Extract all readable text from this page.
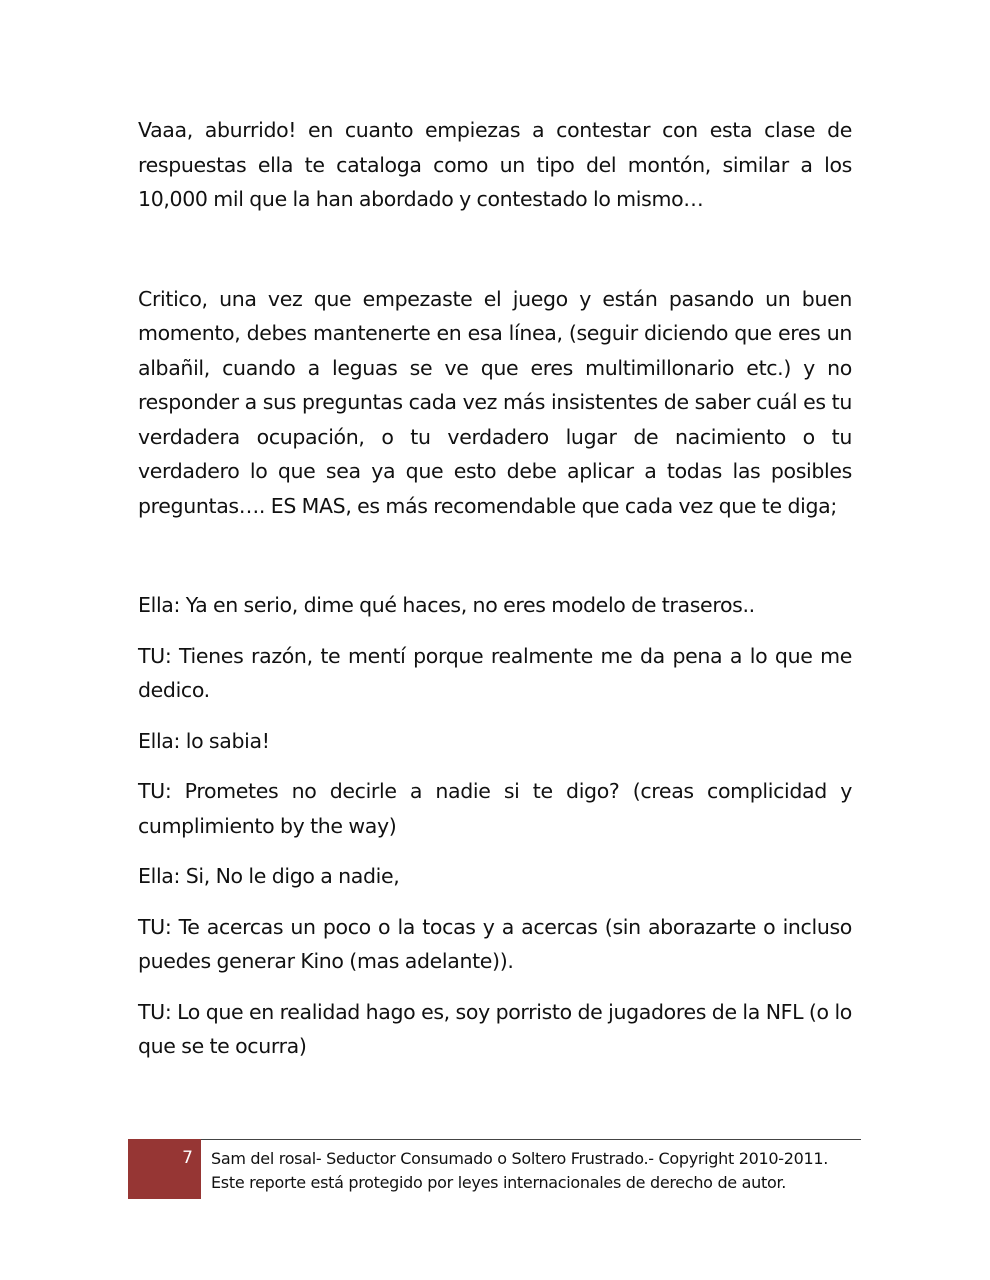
Vaaa, aburrido! en cuanto empiezas a contestar con esta clase de respuestas ella te cataloga como un tipo del montón, similar a los 10,000 mil que la han abordado y contestado lo mismo…

Critico, una vez que empezaste el juego y están pasando un buen momento, debes mantenerte en esa línea, (seguir diciendo que eres un albañil, cuando a leguas se ve que eres multimillonario etc.) y no responder a sus preguntas cada vez más insistentes de saber cuál es tu verdadera ocupación, o tu verdadero lugar de nacimiento o tu verdadero lo que sea ya que esto debe aplicar a todas las posibles preguntas…. ES MAS, es más recomendable que cada vez que te diga;

Ella: Ya en serio, dime qué haces, no eres modelo de traseros..

TU: Tienes razón, te mentí porque realmente me da pena a lo que me dedico.

Ella: lo sabia!

TU: Prometes no decirle a nadie si te digo? (creas complicidad y cumplimiento by the way)

Ella: Si, No le digo a nadie,

TU: Te acercas un poco o la tocas y a acercas (sin aborazarte o incluso puedes generar Kino (mas adelante)).

TU: Lo que en realidad hago es, soy porristo de jugadores de la NFL (o lo que se te ocurra)

7 Sam del rosal- Seductor Consumado o Soltero Frustrado.- Copyright 2010-2011.
Este reporte está protegido por leyes internacionales de derecho de autor.
